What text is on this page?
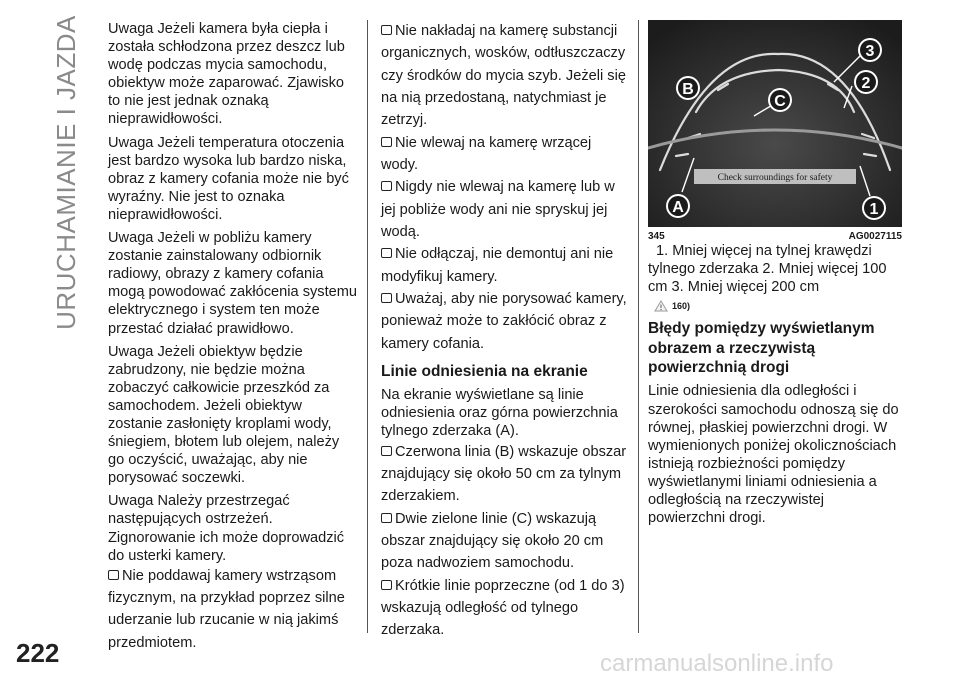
URUCHAMIANIE I JAZDA Uwaga Jeżeli kamera była ciepła i została schłodzona przez deszcz lub wodę podczas mycia samochodu, obiektyw może zaparować. Zjawisko to nie jest jednak oznaką nieprawidłowości.

Uwaga Jeżeli temperatura otoczenia jest bardzo wysoka lub bardzo niska, obraz z kamery cofania może nie być wyraźny. Nie jest to oznaka nieprawidłowości.

Uwaga Jeżeli w pobliżu kamery zostanie zainstalowany odbiornik radiowy, obrazy z kamery cofania mogą powodować zakłócenia systemu elektrycznego i system ten może przestać działać prawidłowo.

Uwaga Jeżeli obiektyw będzie zabrudzony, nie będzie można zobaczyć całkowicie przeszkód za samochodem. Jeżeli obiektyw zostanie zasłonięty kroplami wody, śniegiem, błotem lub olejem, należy go oczyścić, uważając, aby nie porysować soczewki.

Uwaga Należy przestrzegać następujących ostrzeżeń. Zignorowanie ich może doprowadzić do usterki kamery.

Nie poddawaj kamery wstrząsom fizycznym, na przykład poprzez silne uderzanie lub rzucanie w nią jakimś przedmiotem.

Nie nakładaj na kamerę substancji organicznych, wosków, odtłuszczaczy czy środków do mycia szyb. Jeżeli się na nią przedostaną, natychmiast je zetrzyj.

Nie wlewaj na kamerę wrzącej wody.

Nigdy nie wlewaj na kamerę lub w jej pobliże wody ani nie spryskuj jej wodą.

Nie odłączaj, nie demontuj ani nie modyfikuj kamery.

Uważaj, aby nie porysować kamery, ponieważ może to zakłócić obraz z kamery cofania.

Linie odniesienia na ekranie

Na ekranie wyświetlane są linie odniesienia oraz górna powierzchnia tylnego zderzaka (A).

Czerwona linia (B) wskazuje obszar znajdujący się około 50 cm za tylnym zderzakiem.

Dwie zielone linie (C) wskazują obszar znajdujący się około 20 cm poza nadwoziem samochodu.

Krótkie linie poprzeczne (od 1 do 3) wskazują odległość od tylnego zderzaka.

Check surroundings for safety
A
B
C
1
2
3
345	AG0027115

1. Mniej więcej na tylnej krawędzi tylnego zderzaka 2. Mniej więcej 100 cm 3. Mniej więcej 200 cm

160)
Błędy pomiędzy wyświetlanym obrazem a rzeczywistą powierzchnią drogi

Linie odniesienia dla odległości i szerokości samochodu odnoszą się do równej, płaskiej powierzchni drogi. W wymienionych poniżej okolicznościach istnieją rozbieżności pomiędzy wyświetlanymi liniami odniesienia a odległością na rzeczywistej powierzchni drogi.

222	carmanualsonline.info
